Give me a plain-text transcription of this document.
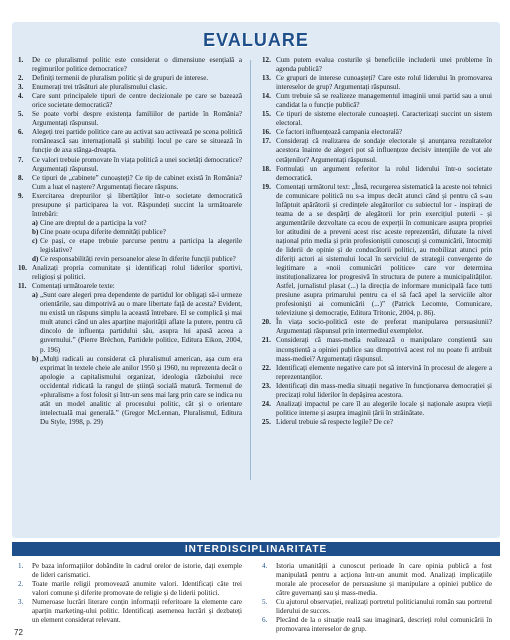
EVALUARE
1.	De ce pluralismul politic este considerat o dimensiune esențială a regimurilor politice democratice?
2.	Definiți termenii de pluralism politic și de grupuri de interese.
3.	Enumerați trei trăsături ale pluralismului clasic.
4.	Care sunt principalele tipuri de centre decizionale pe care se bazează orice societate democratică?
5.	Se poate vorbi despre existența familiilor de partide în România? Argumentați răspunsul.
6.	Alegeți trei partide politice care au activat sau activează pe scena politică românească sau internațională și stabiliți locul pe care se situează în funcție de axa stânga-dreapta.
7.	Ce valori trebuie promovate în viața politică a unei societăți democratice? Argumentați răspunsul.
8.	Ce tipuri de „cabinete” cunoașteți? Ce tip de cabinet există în România? Cum a luat el naștere? Argumentați fiecare răspuns.
9.	Exercitarea drepturilor și libertăților într-o societate democratică presupune și participarea la vot. Răspundeți succint la următoarele întrebări:
a) Cine are dreptul de a participa la vot?
b) Cine poate ocupa diferite demnități publice?
c) Ce pași, ce etape trebuie parcurse pentru a participa la alegerile legislative?
d) Ce responsabilități revin persoanelor alese în diferite funcții publice?
10. Analizați propria comunitate și identificați rolul liderilor sportivi, religioși și politici.
11. Comentați următoarele texte:
a) „Sunt oare alegeri prea dependente de partidul lor obligați să-i urmeze orientările, sau dimpotrivă au o mare libertate față de acesta? Evident, nu există un răspuns simplu la această întrebare. El se complică și mai mult atunci când un ales aparține majorității aflate la putere, pentru că dincolo de influența partidului său, asupra lui apasă aceea a guvernului.” (Pierre Bréchon, Partidele politice, Editura Eikon, 2004, p. 196)
b) „Mulți radicali au considerat că pluralismul american, așa cum era exprimat în textele cheie ale anilor 1950 și 1960, nu reprezenta decât o apologie a capitalismului organizat, ideologia războiului rece occidental ridicată la rangul de știință socială matură. Termenul de «pluralism» a fost folosit și într-un sens mai larg prin care se indica nu atât un model analitic al procesului politic, cât și o orientare intelectuală mai generală.” (Gregor McLennan, Pluralismul, Editura Du Style, 1998, p. 29)
12. Cum putem evalua costurile și beneficiile includerii unei probleme în agenda publică?
13. Ce grupuri de interese cunoașteți? Care este rolul liderului în promovarea intereselor de grup? Argumentați răspunsul.
14. Cum trebuie să se realizeze managementul imaginii unui partid sau a unui candidat la o funcție publică?
15. Ce tipuri de sisteme electorale cunoașteți. Caracterizați succint un sistem electoral.
16. Ce factori influențează campania electorală?
17. Considerați că realizarea de sondaje electorale și anunțarea rezultatelor acestora înainte de alegeri pot să influențeze decisiv intențiile de vot ale cetățenilor? Argumentați răspunsul.
18. Formulați un argument referitor la rolul liderului într-o societate democratică.
19. Comentați următorul text: „Însă, recurgerea sistematică la aceste noi tehnici de comunicare politică nu s-a impus decât atunci când și pentru că s-au înfăptuit apărătorii și credințele alegătorilor cu subiectul lor - inspirați de teama de a se despărți de alegătorii lor prin exercițiul puterii - și argumentările dezvoltate ca ecou de experții în comunicare asupra propriei lor atitudini de a preveni acest risc aceste reprezentări, difuzate la nivel național prin media și prin profesioniștii cunoscuți și comunicării, întocmiți de liderii de opinie și de conducătorii politici, au mobilizat atunci prin diferiți actori ai sistemului local în serviciul de strategii convergente de legitimare a «noii comunicări politice» care vor determina instituționalizarea lor progresivă în structura de putere a municipalităților. Astfel, jurnalistul plasat (...) la direcția de informare municipală face tutti presiune asupra primarului pentru ca el să facă apel la serviciile altor profesioniști ai comunicării (...)” (Patrick Lecomte, Comunicare, televiziune și democrație, Editura Tritonic, 2004, p. 86).
20. În viața socio-politică este de preferat manipularea persuasiunii? Argumentați răspunsul prin intermediul exemplelor.
21. Considerați că mass-media realizează o manipulare conștientă sau inconștientă a opiniei publice sau dimpotrivă acest rol nu poate fi atribuit mass-mediei? Argumentați răspunsul.
22. Identificați elemente negative care pot să intervină în procesul de alegere a reprezentanților.
23. Identificați din mass-media situații negative în funcționarea democrației și precizați rolul liderilor în depășirea acestora.
24. Analizați impactul pe care îl au alegerile locale și naționale asupra vieții politice interne și asupra imaginii țării în străinătate.
25. Liderul trebuie să respecte legile? De ce?
INTERDISCIPLINARITATE
1.	Pe baza informațiilor dobândite în cadrul orelor de istorie, dați exemple de lideri carismatici.
2.	Toate marile religii promovează anumite valori. Identificați câte trei valori comune și diferite promovate de religie și de liderii politici.
3.	Numeroase lucrări literare conțin informații referitoare la elemente care aparțin marketing-ului politic. Identificați asemenea lucrări și dezbateți un element considerat relevant.
4.	Istoria umanității a cunoscut perioade în care opinia publică a fost manipulată pentru a acționa într-un anumit mod. Analizați implicațiile morale ale proceselor de persuasiune și manipulare a opiniei publice de către guvernanți sau și mass-media.
5.	Cu ajutorul observației, realizați portretul politicianului român sau portretul liderului de succes.
6.	Plecând de la o situație reală sau imaginară, descrieți rolul comunicării în promovarea intereselor de grup.
72
